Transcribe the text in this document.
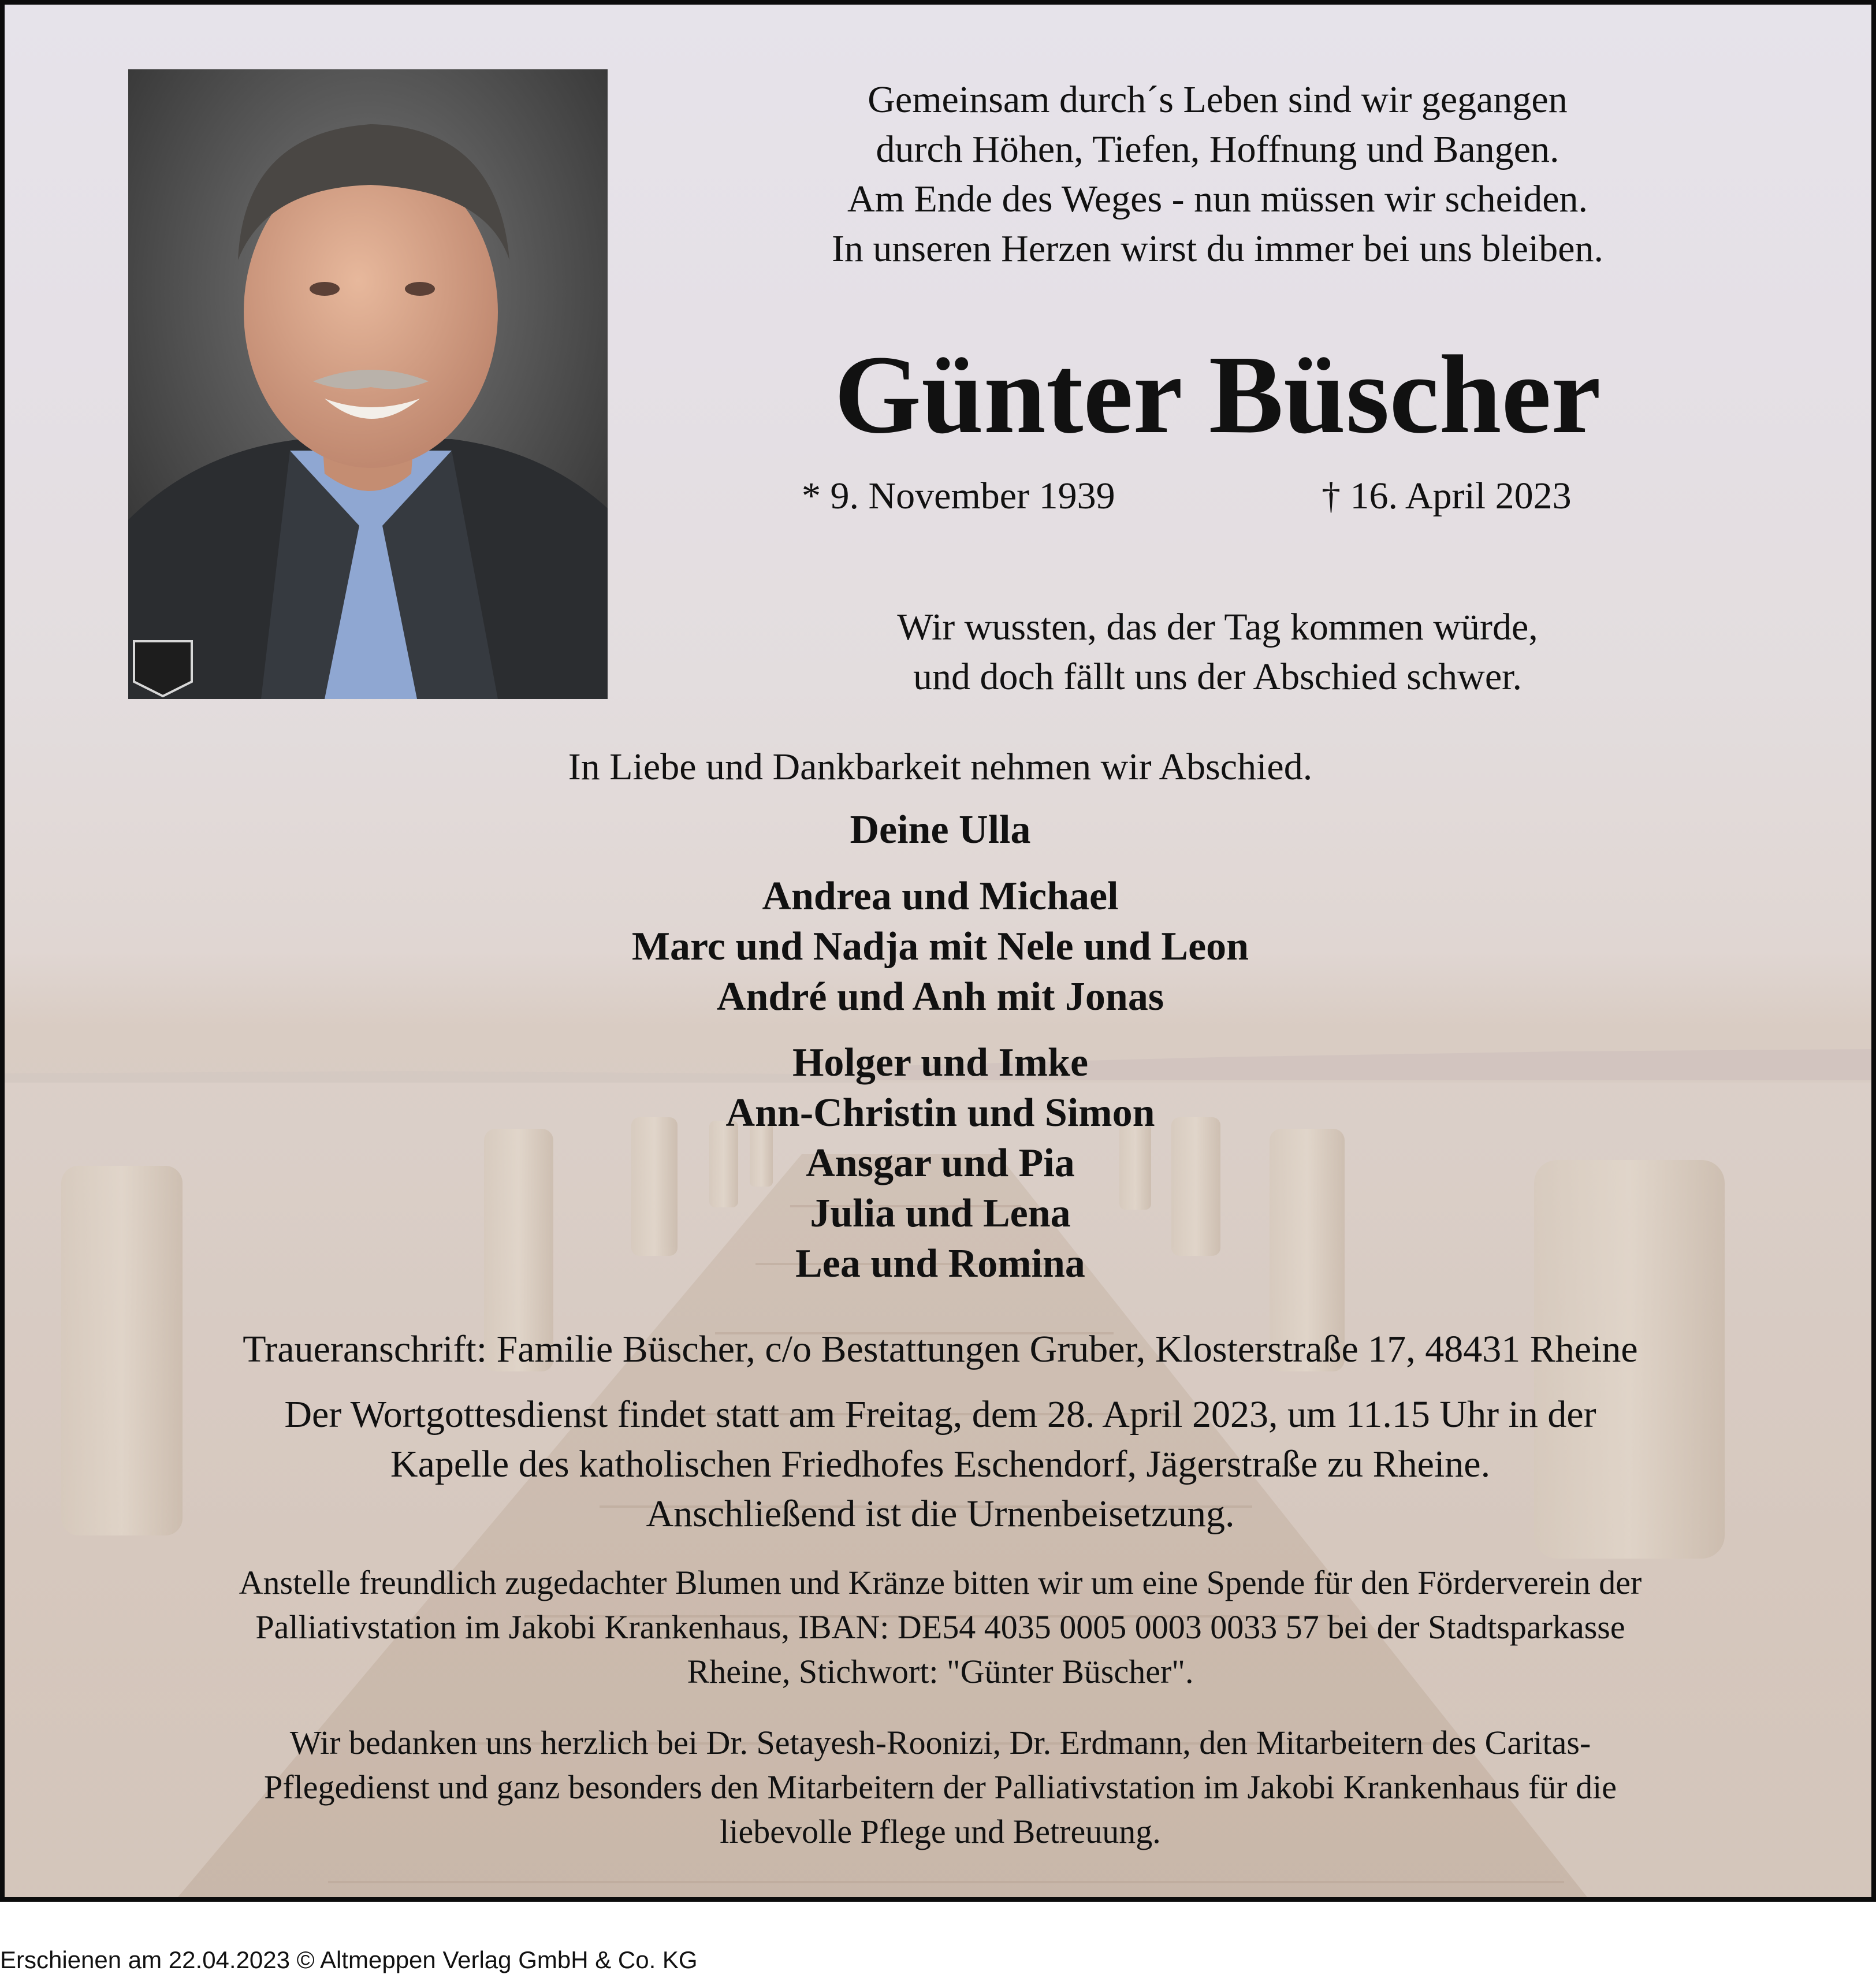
Gemeinsam durch´s Leben sind wir gegangen
durch Höhen, Tiefen, Hoffnung und Bangen.
Am Ende des Weges - nun müssen wir scheiden.
In unseren Herzen wirst du immer bei uns bleiben.
Günter Büscher
* 9. November 1939	† 16. April 2023
Wir wussten, das der Tag kommen würde,
und doch fällt uns der Abschied schwer.
In Liebe und Dankbarkeit nehmen wir Abschied.
Deine Ulla
Andrea und Michael
Marc und Nadja mit Nele und Leon
André und Anh mit Jonas
Holger und Imke
Ann-Christin und Simon
Ansgar und Pia
Julia und Lena
Lea und Romina
Traueranschrift: Familie Büscher, c/o Bestattungen Gruber, Klosterstraße 17, 48431 Rheine
Der Wortgottesdienst findet statt am Freitag, dem 28. April 2023, um 11.15 Uhr in der
Kapelle des katholischen Friedhofes Eschendorf, Jägerstraße zu Rheine.
Anschließend ist die Urnenbeisetzung.
Anstelle freundlich zugedachter Blumen und Kränze bitten wir um eine Spende für den Förderverein der
Palliativstation im Jakobi Krankenhaus, IBAN: DE54 4035 0005 0003 0033 57 bei der Stadtsparkasse
Rheine, Stichwort: "Günter Büscher".
Wir bedanken uns herzlich bei Dr. Setayesh-Roonizi, Dr. Erdmann, den Mitarbeitern des Caritas-
Pflegedienst und ganz besonders den Mitarbeitern der Palliativstation im Jakobi Krankenhaus für die
liebevolle Pflege und Betreuung.
Erschienen am 22.04.2023 © Altmeppen Verlag GmbH & Co. KG
